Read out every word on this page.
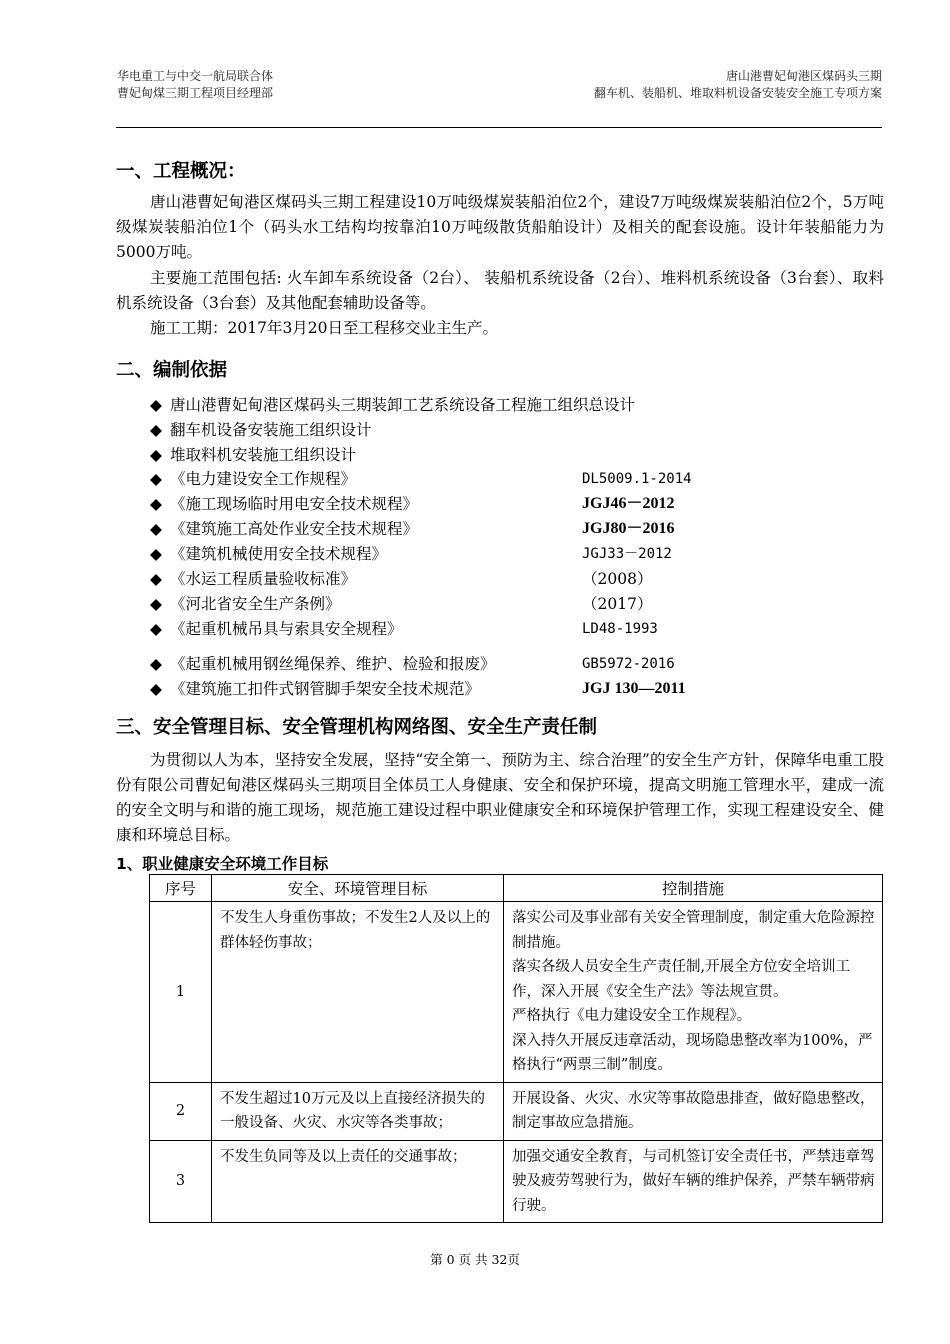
华电重工与中交一航局联合体
曹妃甸煤三期工程项目经理部
唐山港曹妃甸港区煤码头三期
翻车机、装船机、堆取料机设备安装安全施工专项方案
一、工程概况：

唐山港曹妃甸港区煤码头三期工程建设10万吨级煤炭装船泊位2个，建设7万吨级煤炭装船泊位2个，5万吨级煤炭装船泊位1个（码头水工结构均按靠泊10万吨级散货船舶设计）及相关的配套设施。设计年装船能力为5000万吨。

主要施工范围包括: 火车卸车系统设备（2台）、 装船机系统设备（2台）、堆料机系统设备（3台套）、取料机系统设备（3台套）及其他配套辅助设备等。

施工工期：2017年3月20日至工程移交业主生产。

二、编制依据
◆ 唐山港曹妃甸港区煤码头三期装卸工艺系统设备工程施工组织总设计
◆ 翻车机设备安装施工组织设计
◆ 堆取料机安装施工组织设计
◆ 《电力建设安全工作规程》	DL5009.1-2014
◆ 《施工现场临时用电安全技术规程》	JGJ46－2012
◆ 《建筑施工高处作业安全技术规程》	JGJ80－2016
◆ 《建筑机械使用安全技术规程》	JGJ33－2012
◆ 《水运工程质量验收标准》	（2008）
◆ 《河北省安全生产条例》	（2017）
◆ 《起重机械吊具与索具安全规程》	LD48-1993
◆ 《起重机械用钢丝绳保养、维护、检验和报废》	GB5972-2016
◆ 《建筑施工扣件式钢管脚手架安全技术规范》	JGJ 130—2011
三、安全管理目标、安全管理机构网络图、安全生产责任制

为贯彻以人为本，坚持安全发展，坚持“安全第一、预防为主、综合治理”的安全生产方针，保障华电重工股份有限公司曹妃甸港区煤码头三期项目全体员工人身健康、安全和保护环境，提高文明施工管理水平，建成一流的安全文明与和谐的施工现场，规范施工建设过程中职业健康安全和环境保护管理工作，实现工程建设安全、健康和环境总目标。

1、职业健康安全环境工作目标
序号	安全、环境管理目标	控制措施
1	不发生人身重伤事故；不发生2人及以上的群体轻伤事故；	落实公司及事业部有关安全管理制度，制定重大危险源控制措施。
落实各级人员安全生产责任制,开展全方位安全培训工作，深入开展《安全生产法》等法规宣贯。
严格执行《电力建设安全工作规程》。
深入持久开展反违章活动，现场隐患整改率为100%，严格执行“两票三制”制度。

2	不发生超过10万元及以上直接经济损失的一般设备、火灾、水灾等各类事故；	开展设备、火灾、水灾等事故隐患排查，做好隐患整改，制定事故应急措施。

3	不发生负同等及以上责任的交通事故；	加强交通安全教育，与司机签订安全责任书，严禁违章驾驶及疲劳驾驶行为，做好车辆的维护保养，严禁车辆带病行驶。
第 0 页 共 32页
